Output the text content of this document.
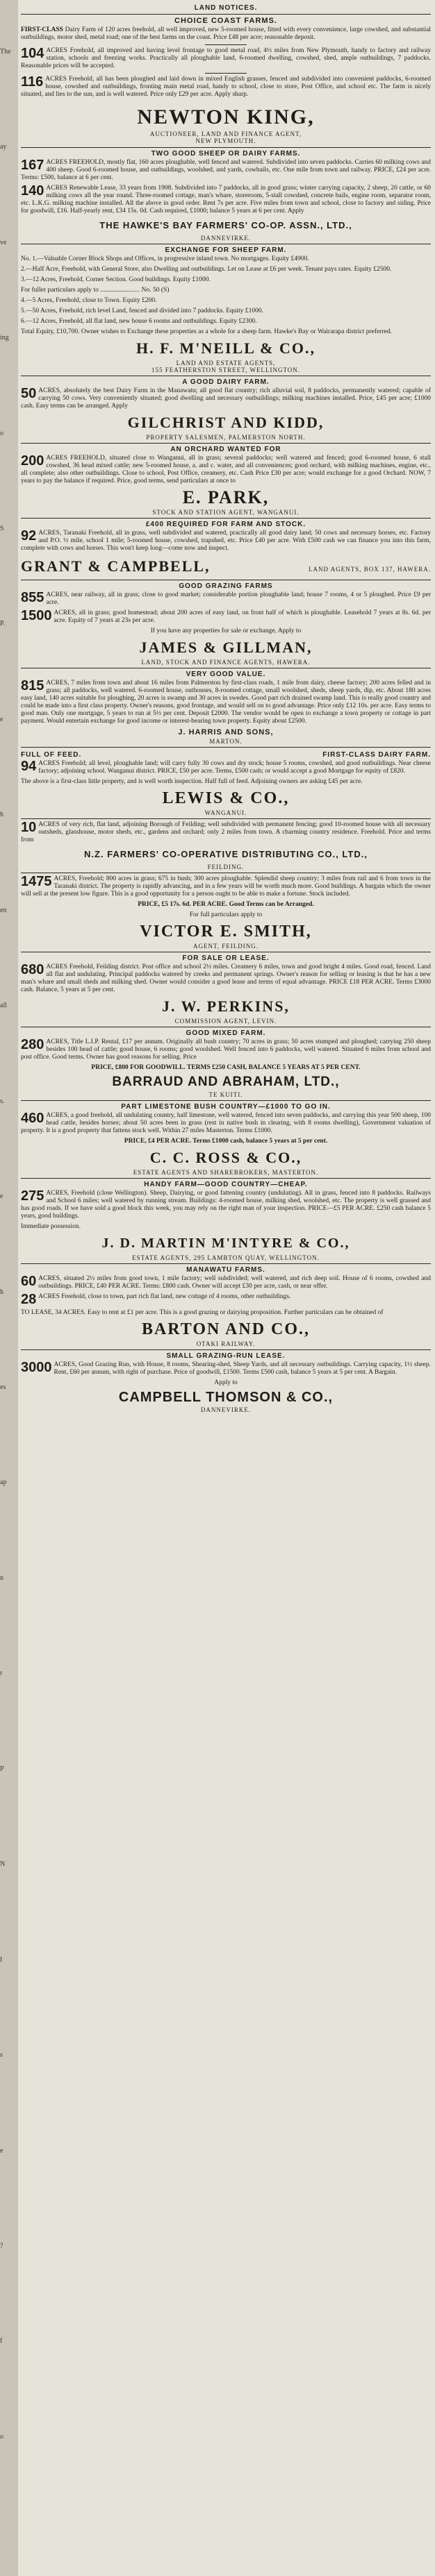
The
ay
ve
ing
o
S
P.
e
h
en
all
s.
e
h
es
ap
n
r
P
N
I
s
e
?
f
o
LAND NOTICES.
CHOICE COAST FARMS.

FIRST-CLASS Dairy Farm of 120 acres freehold, all well improved, new 5-roomed house, fitted with every convenience, large cowshed, and substantial outbuildings, motor shed, metal road; one of the best farms on the coast. Price £48 per acre; reasonable deposit.

104 ACRES Freehold, all improved and having level frontage to good metal road, 4½ miles from New Plymouth, handy to factory and railway station, schools and freezing works. Practically all ploughable land, 6-roomed dwelling, cowshed, shed, ample outbuildings, 7 paddocks. Reasonable prices will be accepted.

116 ACRES Freehold, all has been ploughed and laid down in mixed English grasses, fenced and subdivided into convenient paddocks, 6-roomed house, cowshed and outbuildings, fronting main metal road, handy to school, close to store, Post Office, and school etc. The farm is nicely situated, and lies to the sun, and is well watered. Price only £29 per acre. Apply sharp.

NEWTON KING,
AUCTIONEER, LAND AND FINANCE AGENT,
NEW PLYMOUTH.
TWO GOOD SHEEP OR DAIRY FARMS.

167 ACRES FREEHOLD, mostly flat, 160 acres ploughable, well fenced and watered. Subdivided into seven paddocks. Carries 60 milking cows and 400 sheep. Good 6-roomed house, and outbuildings, woolshed, and yards, cowbails, etc. One mile from town and railway. PRICE, £24 per acre. Terms: £500, balance at 6 per cent.

140 ACRES Renewable Lease, 33 years from 1908. Subdivided into 7 paddocks, all in good grass; winter carrying capacity, 2 sheep, 20 cattle, or 60 milking cows all the year round. Three-roomed cottage, man's whare, storeroom, 5-stall cowshed, concrete bails, engine room, separator room, etc. L.K.G. milking machine installed. All the above in good order. Rent 7s per acre. Five miles from town and school, close to factory and siding. Price for goodwill, £16. Half-yearly rent, £34 15s. 0d. Cash required, £1000; balance 5 years at 6 per cent. Apply

THE HAWKE'S BAY FARMERS' CO-OP. ASSN., LTD.,
DANNEVIRKE.
EXCHANGE FOR SHEEP FARM.

No. 1.—Valuable Corner Block Shops and Offices, in progressive inland town. No mortgages. Equity £4900.

2.—Half Acre, Freehold, with General Store, also Dwelling and outbuildings. Let on Lease at £6 per week. Tenant pays rates. Equity £2500.

3.—12 Acres, Freehold, Corner Section. Good buildings. Equity £1000.

For fuller particulars apply to ........................ No. 50 (S)

4.—5 Acres, Freehold, close to Town. Equity £200.

5.—50 Acres, Freehold, rich level Land, fenced and divided into 7 paddocks. Equity £1000.

6.—12 Acres, Freehold, all flat land, new house 6 rooms and outbuildings. Equity £2300.

Total Equity, £10,700. Owner wishes to Exchange these properties as a whole for a sheep farm. Hawke's Bay or Wairarapa district preferred.

H. F. M'NEILL & CO.,
LAND AND ESTATE AGENTS,
155 FEATHERSTON STREET, WELLINGTON.
A GOOD DAIRY FARM.

50 ACRES, absolutely the best Dairy Farm in the Manawatu; all good flat country; rich alluvial soil, 8 paddocks, permanently watered; capable of carrying 50 cows. Very conveniently situated; good dwelling and necessary outbuildings; milking machines installed. Price, £45 per acre; £1000 cash. Easy terms can be arranged. Apply

GILCHRIST AND KIDD,
PROPERTY SALESMEN, PALMERSTON NORTH.
AN ORCHARD WANTED FOR

200 ACRES FREEHOLD, situated close to Wanganui, all in grass; several paddocks; well watered and fenced; good 6-roomed house, 6 stall cowshed, 36 head mixed cattle; new 5-roomed house, a. and c. water, and all conveniences; good orchard, with milking machines, engine, etc., all complete; also other outbuildings. Close to school, Post Office, creamery, etc. Cash Price £30 per acre; would exchange for a good Orchard. NOW, 7 years to pay the balance if required. Price, good terms, send particulars at once to

E. PARK,
STOCK AND STATION AGENT, WANGANUI.
£400 REQUIRED FOR FARM AND STOCK.

92 ACRES, Taranaki Freehold, all in grass, well subdivided and watered, practically all good dairy land; 50 cows and necessary horses, etc. Factory and P.O. ½ mile, school 1 mile; 5-roomed house, cowshed, trapshed, etc. Price £40 per acre. With £500 cash we can finance you into this farm, complete with cows and horses. This won't keep long—come now and inspect.

GRANT & CAMPBELL,	LAND AGENTS, BOX 137, HAWERA.
GOOD GRAZING FARMS

855 ACRES, near railway, all in grass; close to good market; considerable portion ploughable land; house 7 rooms, 4 or 5 ploughed. Price £9 per acre.

1500 ACRES, all in grass; good homestead; about 200 acres of easy land, on front half of which is ploughable. Leasehold 7 years at 8s. 6d. per acre. Equity of 7 years at 23s per acre.

If you have any properties for sale or exchange, Apply to

JAMES & GILLMAN,
LAND, STOCK AND FINANCE AGENTS, HAWERA.
VERY GOOD VALUE.

815 ACRES, 7 miles from town and about 16 miles from Palmerston by first-class roads, 1 mile from dairy, cheese factory; 200 acres felled and in grass; all paddocks, well watered. 6-roomed house, outhouses, 8-roomed cottage, small woolshed, sheds, sheep yards, dip, etc. About 180 acres easy land, 140 acres suitable for ploughing, 20 acres is swamp and 30 acres in swedes. Good part rich drained swamp land. This is really good country and could be made into a first class property. Owner's reasons, good frontage, and would sell on to good advantage. Price only £12 10s. per acre. Easy terms to good man. Only one mortgage, 5 years to run at 5½ per cent. Deposit £2000. The vendor would be open to exchange a town property or cottage in part payment. Would entertain exchange for good income or interest-bearing town property. Equity about £2500.

J. HARRIS AND SONS,
MARTON.
FULL OF FEED.	FIRST-CLASS DAIRY FARM.

94 ACRES Freehold; all level, ploughable land; will carry fully 30 cows and dry stock; house 5 rooms, cowshed, and good outbuildings. Near cheese factory; adjoining school. Wanganui district. PRICE, £50 per acre. Terms, £500 cash; or would accept a good Mortgage for equity of £820.

The above is a first-class little property, and is well worth inspection. Half full of feed. Adjoining owners are asking £45 per acre.

LEWIS & CO.,
WANGANUI.

10 ACRES of very rich, flat land, adjoining Borough of Feilding; well subdivided with permanent fencing; good 10-roomed house with all necessary outsheds, glasshouse, motor sheds, etc., gardens and orchard; only 2 miles from town. A charming country residence. Freehold. Price and terms from

N.Z. FARMERS' CO-OPERATIVE DISTRIBUTING CO., LTD.,
FEILDING.

1475 ACRES, Freehold; 800 acres in grass; 675 in bush; 300 acres ploughable. Splendid sheep country; 3 miles from rail and 6 from town in the Taranaki district. The property is rapidly advancing, and in a few years will be worth much more. Good buildings. A bargain which the owner will sell at the present low figure. This is a good opportunity for a person ought to be able to make a fortune. Stock included.

PRICE, £5 17s. 6d. PER ACRE. Good Terms can be Arranged.

For full particulars apply to

VICTOR E. SMITH,
AGENT, FEILDING.
FOR SALE OR LEASE.

680 ACRES Freehold, Feilding district. Post office and school 2½ miles. Creamery 6 miles, town and good bright 4 miles. Good road, fenced. Land all flat and undulating. Principal paddocks watered by creeks and permanent springs. Owner's reason for selling or leasing is that he has a new man's whare and small sheds and milking shed. Owner would consider a good lease and terms of equal advantage. PRICE £18 PER ACRE. Terms £3000 cash. Balance, 5 years at 5 per cent.

J. W. PERKINS,
COMMISSION AGENT, LEVIN.
GOOD MIXED FARM.

280 ACRES, Title L.I.P. Rental, £17 per annum. Originally all bush country; 70 acres in grass; 50 acres stumped and ploughed; carrying 250 sheep besides 100 head of cattle; good house, 6 rooms; good woolshed. Well fenced into 6 paddocks, well watered. Situated 6 miles from school and post office. Good terms. Owner has good reasons for selling. Price

PRICE, £800 FOR GOODWILL. TERMS £250 CASH, BALANCE 5 YEARS AT 5 PER CENT.

BARRAUD AND ABRAHAM, LTD.,
TE KUITI.
PART LIMESTONE BUSH COUNTRY—£1000 TO GO IN.

460 ACRES, a good freehold, all undulating country, half limestone, well watered, fenced into seven paddocks, and carrying this year 500 sheep, 100 head cattle, besides horses; about 50 acres been in grass (rest in native bush in clearing, with 8 rooms dwelling), Government valuation of property. It is a good property that fattens stock well. Within 27 miles Masterton. Terms £1000.

PRICE, £4 PER ACRE. Terms £1000 cash, balance 5 years at 5 per cent.

C. C. ROSS & CO.,
ESTATE AGENTS AND SHAREBROKERS, MASTERTON.
HANDY FARM—GOOD COUNTRY—CHEAP.

275 ACRES, Freehold (close Wellington). Sheep, Dairying, or good fattening country (undulating). All in grass, fenced into 8 paddocks. Railways and School 6 miles; well watered by running stream. Buildings: 4-roomed house, milking shed, woolshed, etc. The property is well grassed and has good roads. If we have sold a good block this week, you may rely on the right man of your inspection. PRICE—£5 PER ACRE. £250 cash balance 5 years, good buildings.

Immediate possession.

J. D. MARTIN M'INTYRE & CO.,
ESTATE AGENTS, 295 LAMBTON QUAY, WELLINGTON.
MANAWATU FARMS.

60 ACRES, situated 2½ miles from good town, 1 mile factory; well subdivided; well watered, and rich deep soil. House of 6 rooms, cowshed and outbuildings. PRICE, £40 PER ACRE. Terms: £800 cash. Owner will accept £30 per acre, cash, or near offer.

28 ACRES Freehold, close to town, part rich flat land, new cottage of 4 rooms, other outbuildings.

TO LEASE, 34 ACRES. Easy to rent at £1 per acre. This is a good grazing or dairying proposition. Further particulars can be obtained of

BARTON AND CO.,
OTAKI RAILWAY.
SMALL GRAZING-RUN LEASE.

3000 ACRES, Good Grazing Run, with House, 8 rooms, Shearing-shed, Sheep Yards, and all necessary outbuildings. Carrying capacity, 1½ sheep. Rent, £60 per annum, with right of purchase. Price of goodwill, £1500. Terms £500 cash, balance 5 years at 5 per cent. A Bargain.

Apply to

CAMPBELL THOMSON & CO.,
DANNEVIRKE.
